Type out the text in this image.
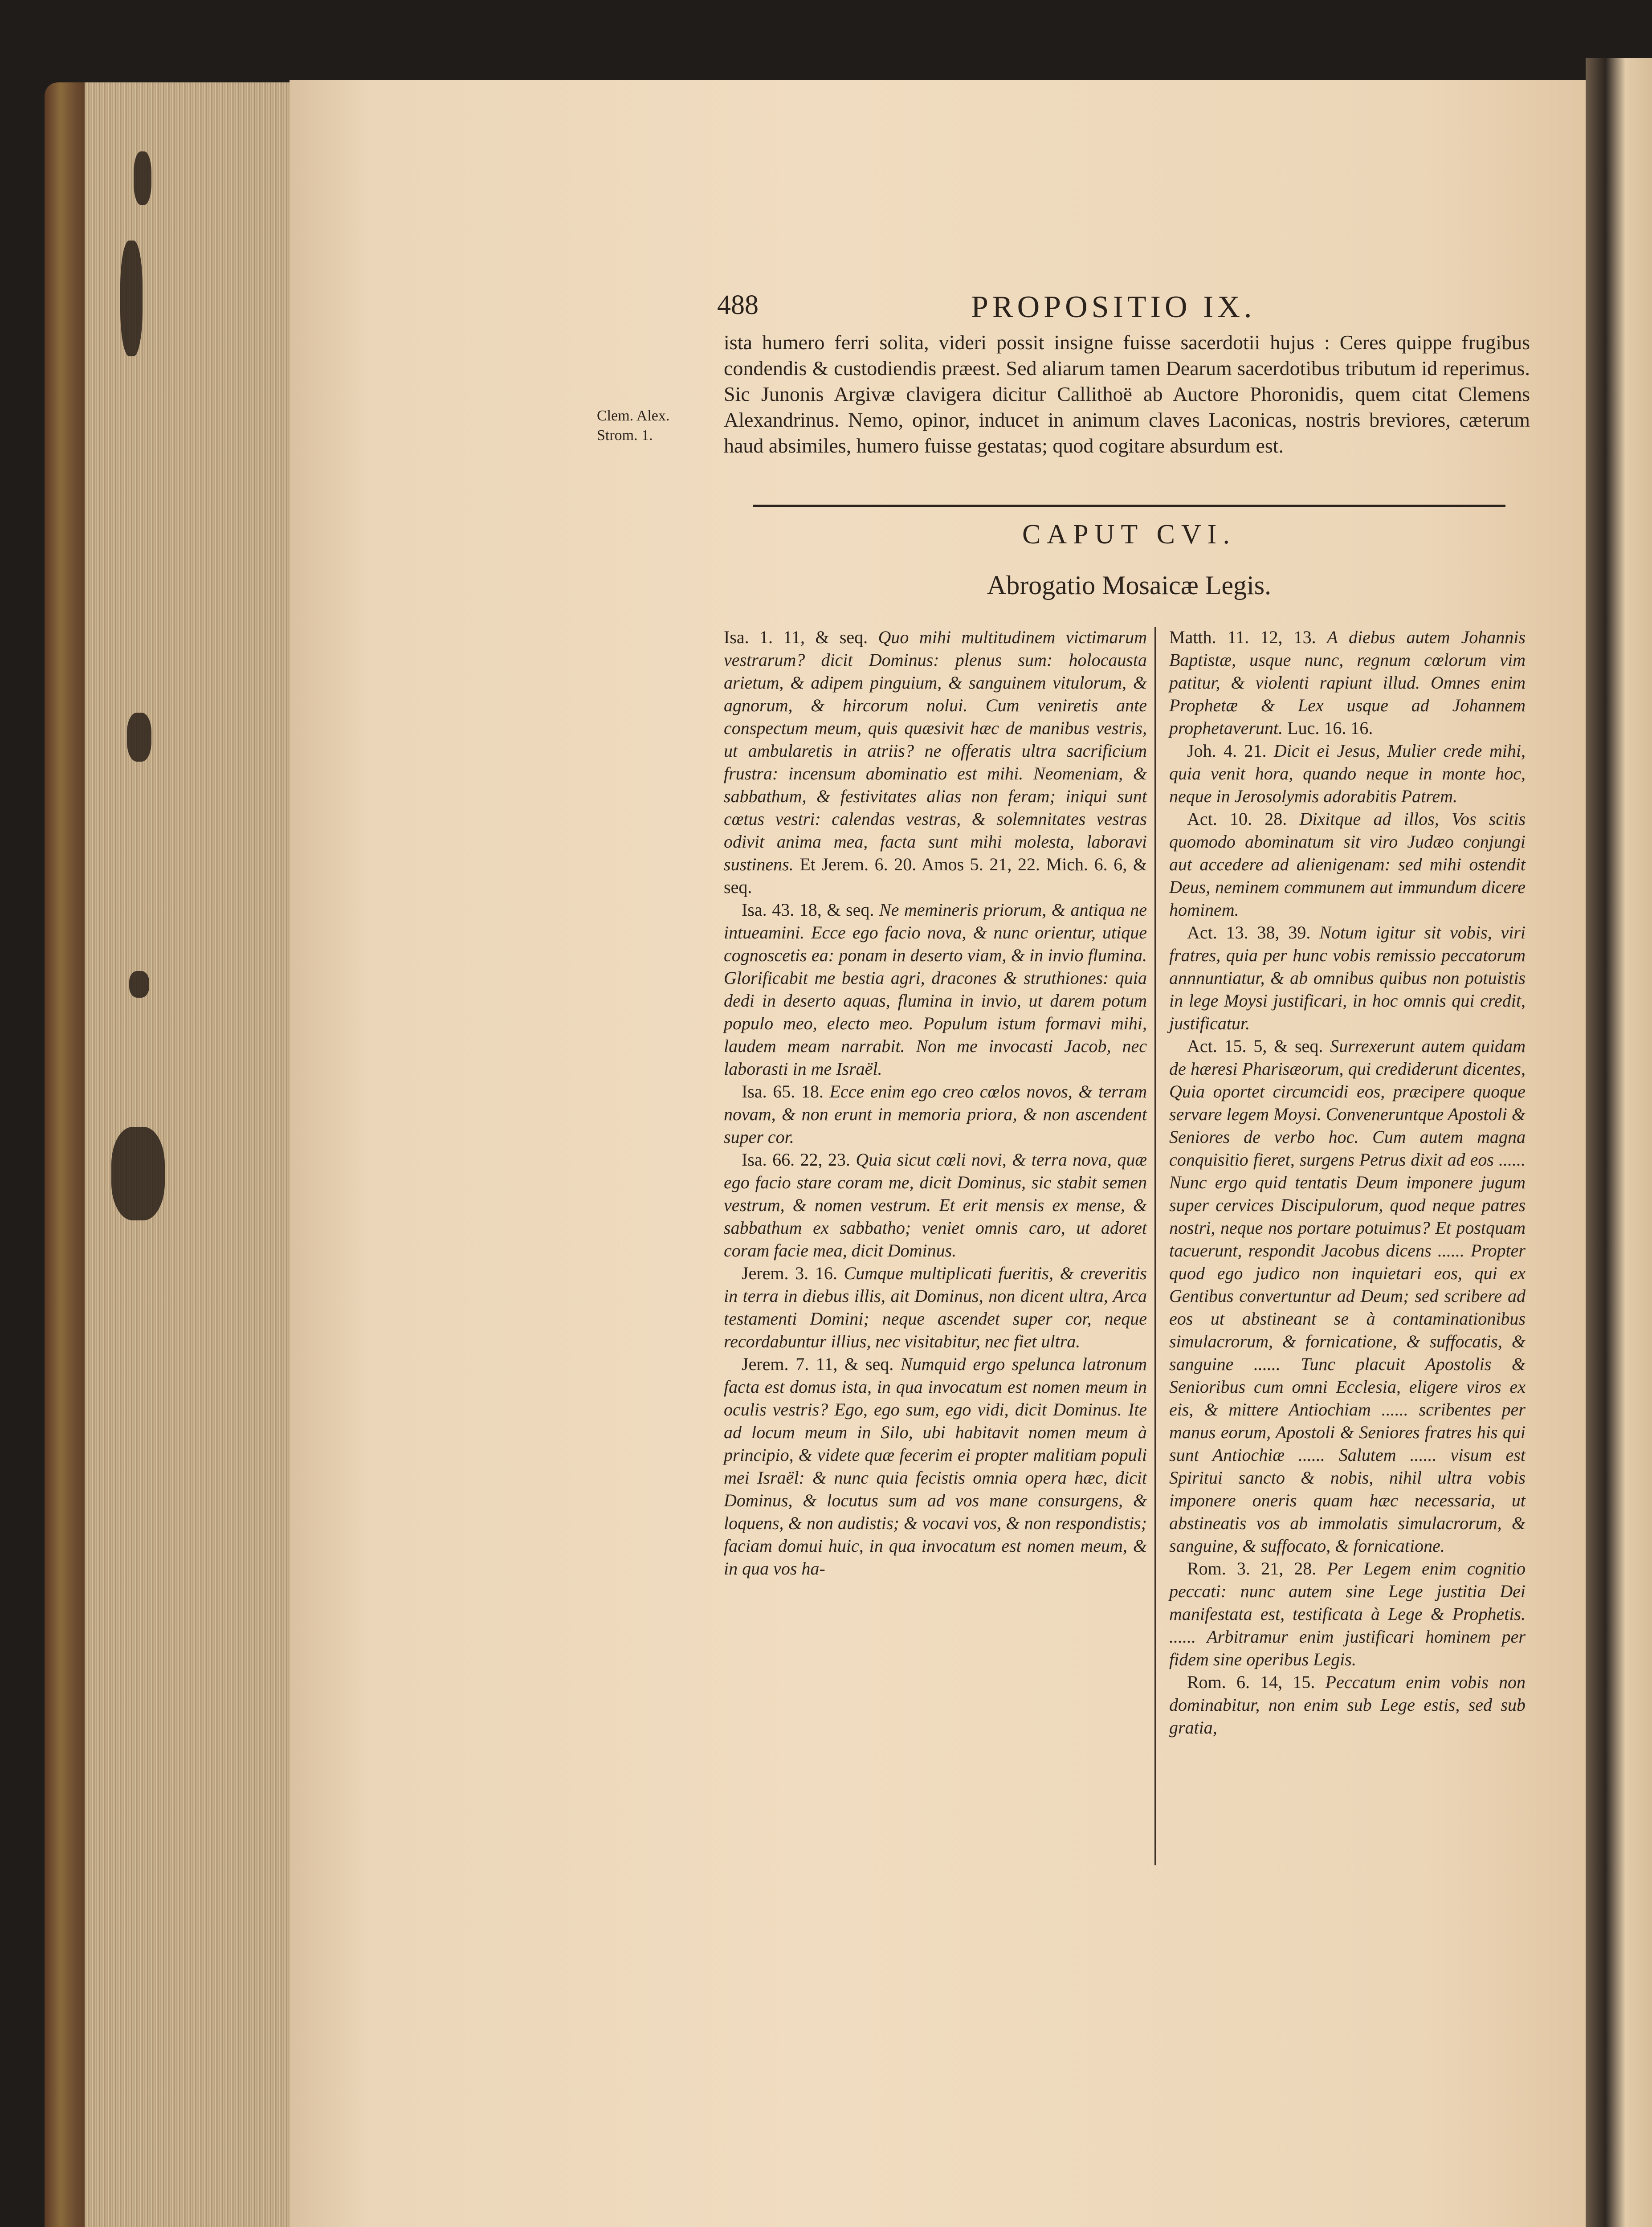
488	PROPOSITIO IX.

ista humero ferri solita, videri possit insigne fuisse sacerdotii hujus : Ceres quippe frugibus condendis & custodiendis præest. Sed aliarum tamen Dearum sacerdotibus tributum id reperimus. Sic Junonis Argivæ clavigera dicitur Callithoë ab Auctore Phoronidis, quem citat Clemens Alexandrinus. Nemo, opinor, inducet in animum claves Laconicas, nostris breviores, cæterum haud absimiles, humero fuisse gestatas; quod cogitare absurdum est.

Clem. Alex.
Strom. 1.
CAPUT CVI.
Abrogatio Mosaicæ Legis.

Isa. 1. 11, & seq. Quo mihi multitudinem victimarum vestrarum? dicit Dominus: plenus sum: holocausta arietum, & adipem pinguium, & sanguinem vitulorum, & agnorum, & hircorum nolui. Cum veniretis ante conspectum meum, quis quæsivit hæc de manibus vestris, ut ambularetis in atriis? ne offeratis ultra sacrificium frustra: incensum abominatio est mihi. Neomeniam, & sabbathum, & festivitates alias non feram; iniqui sunt cœtus vestri: calendas vestras, & solemnitates vestras odivit anima mea, facta sunt mihi molesta, laboravi sustinens. Et Jerem. 6. 20. Amos 5. 21, 22. Mich. 6. 6, & seq.

Isa. 43. 18, & seq. Ne memineris priorum, & antiqua ne intueamini. Ecce ego facio nova, & nunc orientur, utique cognoscetis ea: ponam in deserto viam, & in invio flumina. Glorificabit me bestia agri, dracones & struthiones: quia dedi in deserto aquas, flumina in invio, ut darem potum populo meo, electo meo. Populum istum formavi mihi, laudem meam narrabit. Non me invocasti Jacob, nec laborasti in me Israël.

Isa. 65. 18. Ecce enim ego creo cœlos novos, & terram novam, & non erunt in memoria priora, & non ascendent super cor.

Isa. 66. 22, 23. Quia sicut cœli novi, & terra nova, quæ ego facio stare coram me, dicit Dominus, sic stabit semen vestrum, & nomen vestrum. Et erit mensis ex mense, & sabbathum ex sabbatho; veniet omnis caro, ut adoret coram facie mea, dicit Dominus.

Jerem. 3. 16. Cumque multiplicati fueritis, & creveritis in terra in diebus illis, ait Dominus, non dicent ultra, Arca testamenti Domini; neque ascendet super cor, neque recordabuntur illius, nec visitabitur, nec fiet ultra.

Jerem. 7. 11, & seq. Numquid ergo spelunca latronum facta est domus ista, in qua invocatum est nomen meum in oculis vestris? Ego, ego sum, ego vidi, dicit Dominus. Ite ad locum meum in Silo, ubi habitavit nomen meum à principio, & videte quæ fecerim ei propter malitiam populi mei Israël: & nunc quia fecistis omnia opera hæc, dicit Dominus, & locutus sum ad vos mane consurgens, & loquens, & non audistis; & vocavi vos, & non respondistis; faciam domui huic, in qua invocatum est nomen meum, & in qua vos ha-

Matth. 11. 12, 13. A diebus autem Johannis Baptistæ, usque nunc, regnum cœlorum vim patitur, & violenti rapiunt illud. Omnes enim Prophetæ & Lex usque ad Johannem prophetaverunt. Luc. 16. 16.

Joh. 4. 21. Dicit ei Jesus, Mulier crede mihi, quia venit hora, quando neque in monte hoc, neque in Jerosolymis adorabitis Patrem.

Act. 10. 28. Dixitque ad illos, Vos scitis quomodo abominatum sit viro Judæo conjungi aut accedere ad alienigenam: sed mihi ostendit Deus, neminem communem aut immundum dicere hominem.

Act. 13. 38, 39. Notum igitur sit vobis, viri fratres, quia per hunc vobis remissio peccatorum annnuntiatur, & ab omnibus quibus non potuistis in lege Moysi justificari, in hoc omnis qui credit, justificatur.

Act. 15. 5, & seq. Surrexerunt autem quidam de hæresi Pharisæorum, qui crediderunt dicentes, Quia oportet circumcidi eos, præcipere quoque servare legem Moysi. Conveneruntque Apostoli & Seniores de verbo hoc. Cum autem magna conquisitio fieret, surgens Petrus dixit ad eos ...... Nunc ergo quid tentatis Deum imponere jugum super cervices Discipulorum, quod neque patres nostri, neque nos portare potuimus? Et postquam tacuerunt, respondit Jacobus dicens ...... Propter quod ego judico non inquietari eos, qui ex Gentibus convertuntur ad Deum; sed scribere ad eos ut abstineant se à contaminationibus simulacrorum, & fornicatione, & suffocatis, & sanguine ...... Tunc placuit Apostolis & Senioribus cum omni Ecclesia, eligere viros ex eis, & mittere Antiochiam ...... scribentes per manus eorum, Apostoli & Seniores fratres his qui sunt Antiochiæ ...... Salutem ...... visum est Spiritui sancto & nobis, nihil ultra vobis imponere oneris quam hæc necessaria, ut abstineatis vos ab immolatis simulacrorum, & sanguine, & suffocato, & fornicatione.

Rom. 3. 21, 28. Per Legem enim cognitio peccati: nunc autem sine Lege justitia Dei manifestata est, testificata à Lege & Prophetis. ...... Arbitramur enim justificari hominem per fidem sine operibus Legis.

Rom. 6. 14, 15. Peccatum enim vobis non dominabitur, non enim sub Lege estis, sed sub gratia,
